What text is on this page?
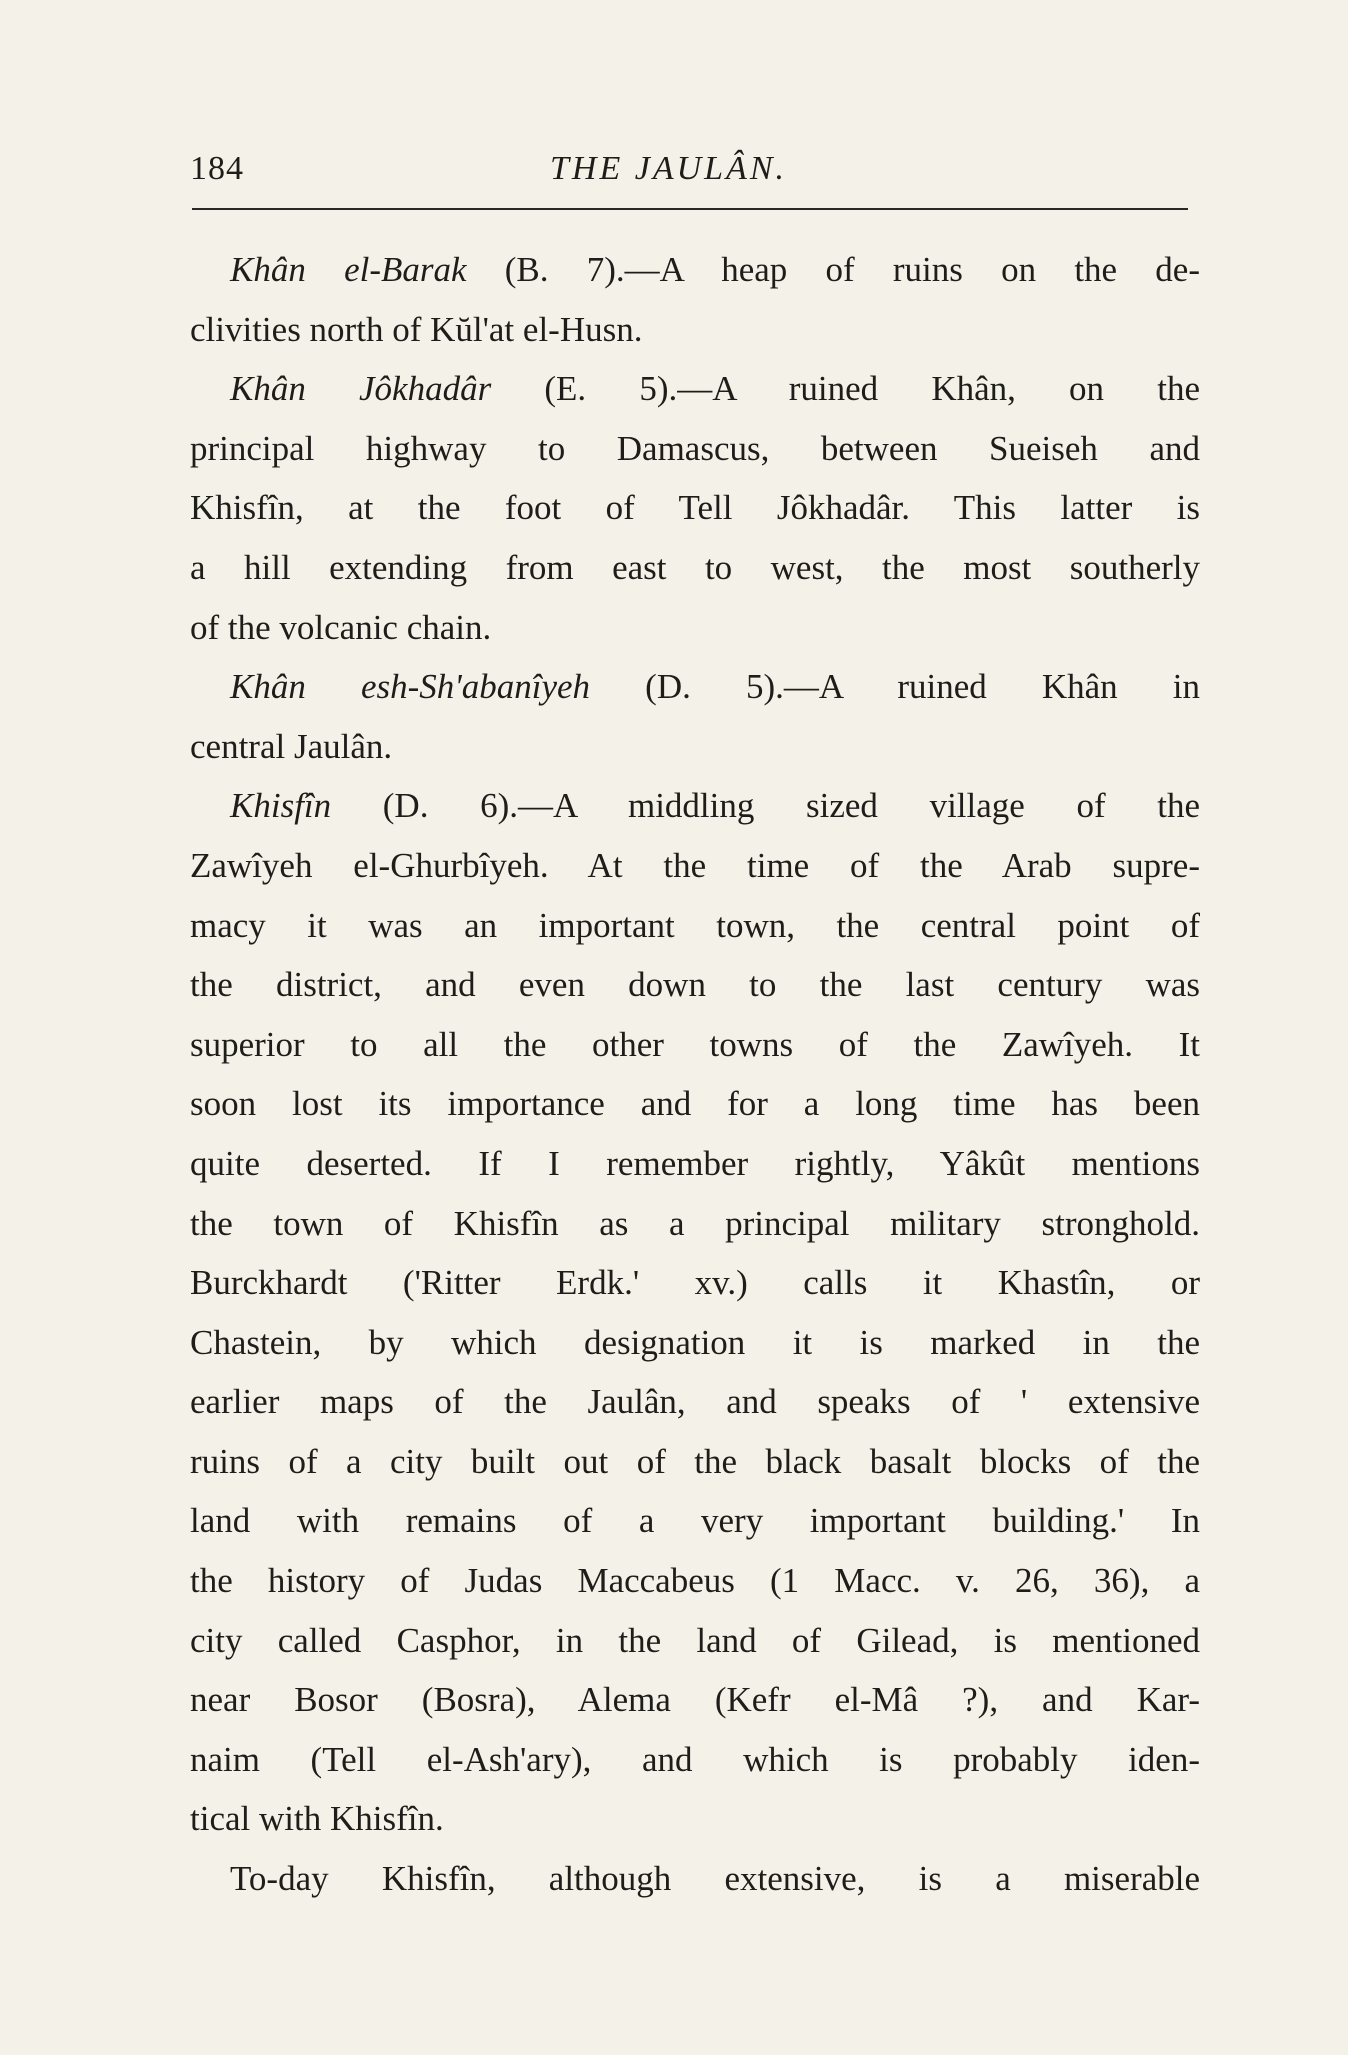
184	THE JAULÂN.
Khân el-Barak (B. 7).—A heap of ruins on the de-
clivities north of Kŭl'at el-Husn.
Khân Jôkhadâr (E. 5).—A ruined Khân, on the
principal highway to Damascus, between Sueiseh and
Khisfîn, at the foot of Tell Jôkhadâr. This latter is
a hill extending from east to west, the most southerly
of the volcanic chain.
Khân esh-Sh'abanîyeh (D. 5).—A ruined Khân in
central Jaulân.
Khisfîn (D. 6).—A middling sized village of the
Zawîyeh el-Ghurbîyeh. At the time of the Arab supre-
macy it was an important town, the central point of
the district, and even down to the last century was
superior to all the other towns of the Zawîyeh. It
soon lost its importance and for a long time has been
quite deserted. If I remember rightly, Yâkût mentions
the town of Khisfîn as a principal military stronghold.
Burckhardt ('Ritter Erdk.' xv.) calls it Khastîn, or
Chastein, by which designation it is marked in the
earlier maps of the Jaulân, and speaks of ' extensive
ruins of a city built out of the black basalt blocks of the
land with remains of a very important building.' In
the history of Judas Maccabeus (1 Macc. v. 26, 36), a
city called Casphor, in the land of Gilead, is mentioned
near Bosor (Bosra), Alema (Kefr el-Mâ ?), and Kar-
naim (Tell el-Ash'ary), and which is probably iden-
tical with Khisfîn.
To-day Khisfîn, although extensive, is a miserable
